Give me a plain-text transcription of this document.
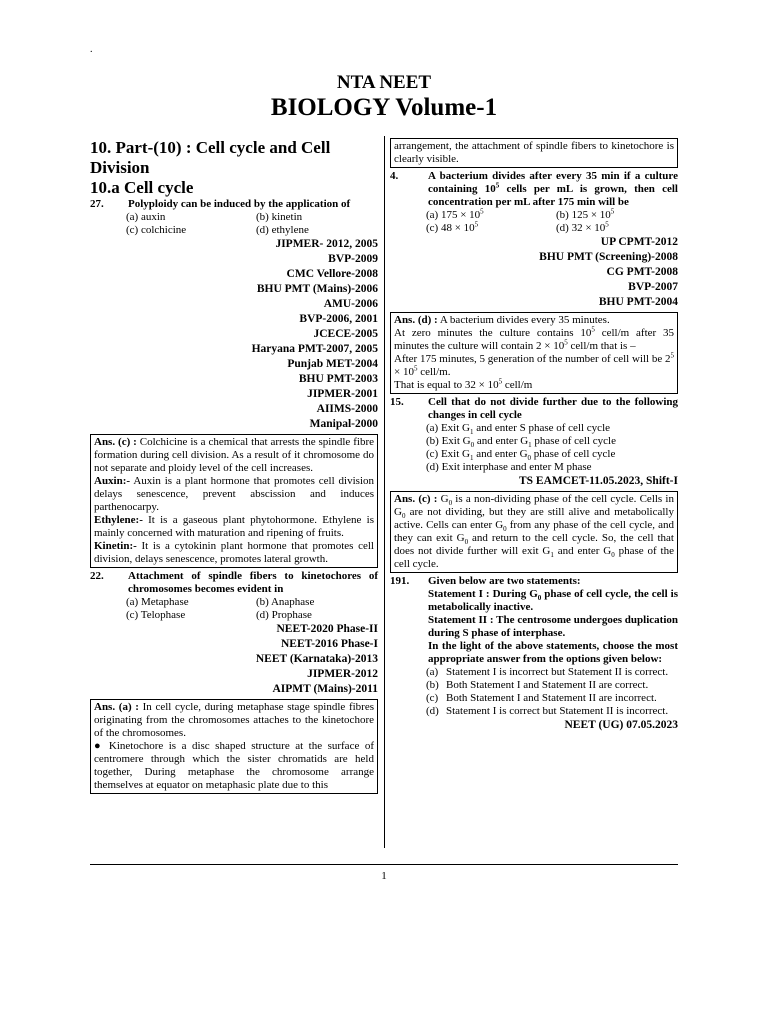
.
NTA NEET
BIOLOGY Volume-1

10. Part-(10) : Cell cycle and Cell Division

10.a Cell cycle

27.	Polyploidy can be induced by the application of
(a) auxin	(b) kinetin
(c) colchicine	(d) ethylene
JIPMER- 2012, 2005
BVP-2009
CMC Vellore-2008
BHU PMT (Mains)-2006
AMU-2006
BVP-2006, 2001
JCECE-2005
Haryana PMT-2007, 2005
Punjab MET-2004
BHU PMT-2003
JIPMER-2001
AIIMS-2000
Manipal-2000

Ans. (c) : Colchicine is a chemical that arrests the spindle fibre formation during cell division. As a result of it chromosome do not separate and ploidy level of the cell increases.

Auxin:- Auxin is a plant hormone that promotes cell division delays senescence, prevent abscission and induces parthenocarpy.

Ethylene:- It is a gaseous plant phytohormone. Ethylene is mainly concerned with maturation and ripening of fruits.

Kinetin:- It is a cytokinin plant hormone that promotes cell division, delays senescence, promotes lateral growth.

22.	Attachment of spindle fibers to kinetochores of chromosomes becomes evident in
(a) Metaphase	(b) Anaphase
(c) Telophase	(d) Prophase
NEET-2020 Phase-II
NEET-2016 Phase-I
NEET (Karnataka)-2013
JIPMER-2012
AIPMT (Mains)-2011

Ans. (a) : In cell cycle, during metaphase stage spindle fibres originating from the chromosomes attaches to the kinetochore of the chromosomes.

● Kinetochore is a disc shaped structure at the surface of centromere through which the sister chromatids are held together, During metaphase the chromosome arrange themselves at equator on metaphasic plate due to this

arrangement, the attachment of spindle fibers to kinetochore is clearly visible.

4.	A bacterium divides after every 35 min if a culture containing $10^5$ cells per mL is grown, then cell concentration per mL after 175 min will be
(a) $175 \times 10^5$	(b) $125 \times 10^5$
(c) $48 \times 10^5$	(d) $32 \times 10^5$
UP CPMT-2012
BHU PMT (Screening)-2008
CG PMT-2008
BVP-2007
BHU PMT-2004

Ans. (d) : A bacterium divides every 35 minutes.

At zero minutes the culture contains $10^5$ cell/m after 35 minutes the culture will contain $2 \times 10^5$ cell/m that is –

After 175 minutes, 5 generation of the number of cell will be $2^5 \times 10^5$ cell/m.

That is equal to $32 \times 10^5$ cell/m

15.	Cell that do not divide further due to the following changes in cell cycle
(a) Exit $G_1$ and enter S phase of cell cycle
(b) Exit $G_0$ and enter $G_1$ phase of cell cycle
(c) Exit $G_1$ and enter $G_0$ phase of cell cycle
(d) Exit interphase and enter M phase
TS EAMCET-11.05.2023, Shift-I

Ans. (c) : $G_0$ is a non-dividing phase of the cell cycle. Cells in $G_0$ are not dividing, but they are still alive and metabolically active. Cells can enter $G_0$ from any phase of the cell cycle, and they can exit $G_0$ and return to the cell cycle. So, the cell that does not divide further will exit $G_1$ and enter $G_0$ phase of the cell cycle.

191.	Given below are two statements:

Statement I : During $G_0$ phase of cell cycle, the cell is metabolically inactive.

Statement II : The centrosome undergoes duplication during S phase of interphase.

In the light of the above statements, choose the most appropriate answer from the options given below:

(a) Statement I is incorrect but Statement II is correct.
(b) Both Statement I and Statement II are correct.
(c) Both Statement I and Statement II are incorrect.
(d) Statement I is correct but Statement II is incorrect.
NEET (UG) 07.05.2023
1
